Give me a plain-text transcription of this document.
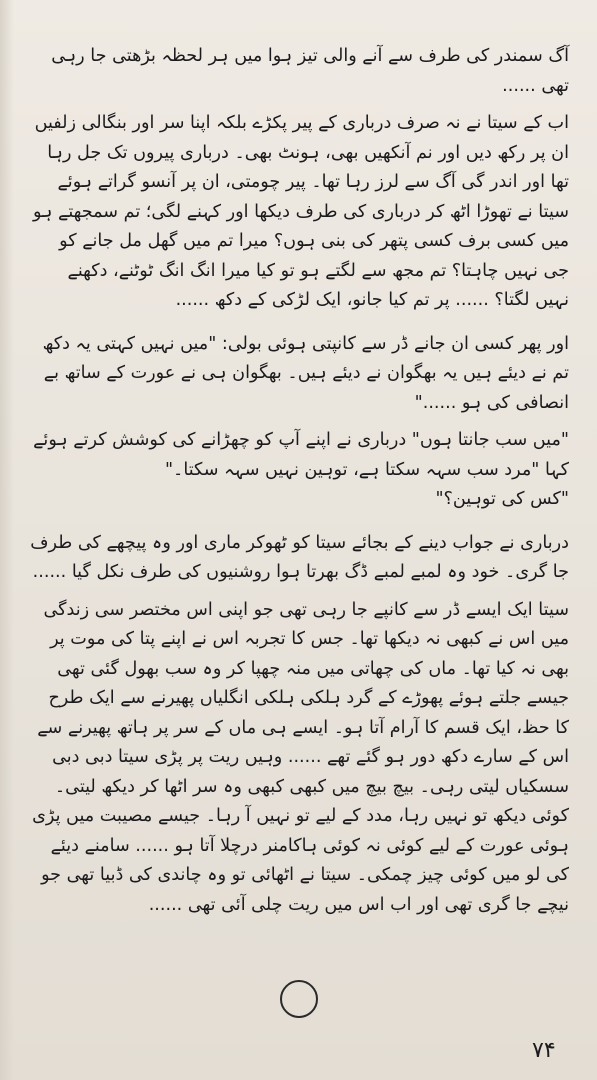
آگ سمندر کی طرف سے آنے والی تیز ہوا میں ہر لحظہ بڑھتی جا رہی تھی ......

اب کے سیتا نے نہ صرف درباری کے پیر پکڑے بلکہ اپنا سر اور بنگالی زلفیں ان پر رکھ دیں اور نم آنکھیں بھی، ہونٹ بھی۔ درباری پیروں تک جل رہا تھا اور اندر گی آگ سے لرز رہا تھا۔ پیر چومتی، ان پر آنسو گراتے ہوئے سیتا نے تھوڑا اٹھ کر درباری کی طرف دیکھا اور کہنے لگی؛ تم سمجھتے ہو میں کسی برف کسی پتھر کی بنی ہوں؟ میرا تم میں گھل مل جانے کو جی نہیں چاہتا؟ تم مجھ سے لگتے ہو تو کیا میرا انگ انگ ٹوٹنے، دکھنے نہیں لگتا؟ ...... پر تم کیا جانو، ایک لڑکی کے دکھ ......

اور پھر کسی ان جانے ڈر سے کانپتی ہوئی بولی: "میں نہیں کہتی یہ دکھ تم نے دیئے ہیں یہ بھگوان نے دیئے ہیں۔ بھگوان ہی نے عورت کے ساتھ بے انصافی کی ہو ......"

"میں سب جانتا ہوں" درباری نے اپنے آپ کو چھڑانے کی کوشش کرتے ہوئے کہا "مرد سب سہہ سکتا ہے، توہین نہیں سہہ سکتا۔"

"کس کی توہین؟"

درباری نے جواب دینے کے بجائے سیتا کو ٹھوکر ماری اور وہ پیچھے کی طرف جا گری۔ خود وہ لمبے لمبے ڈگ بھرتا ہوا روشنیوں کی طرف نکل گیا ......

سیتا ایک ایسے ڈر سے کانپے جا رہی تھی جو اپنی اس مختصر سی زندگی میں اس نے کبھی نہ دیکھا تھا۔ جس کا تجربہ اس نے اپنے پتا کی موت پر بھی نہ کیا تھا۔ ماں کی چھاتی میں منہ چھپا کر وہ سب بھول گئی تھی جیسے جلتے ہوئے پھوڑے کے گرد ہلکی ہلکی انگلیاں پھیرنے سے ایک طرح کا حظ، ایک قسم کا آرام آتا ہو۔ ایسے ہی ماں کے سر پر ہاتھ پھیرنے سے اس کے سارے دکھ دور ہو گئے تھے ...... وہیں ریت پر پڑی سیتا دبی دبی سسکیاں لیتی رہی۔ بیچ بیچ میں کبھی کبھی وہ سر اٹھا کر دیکھ لیتی۔ کوئی دیکھ تو نہیں رہا، مدد کے لیے تو نہیں آ رہا۔ جیسے مصیبت میں پڑی ہوئی عورت کے لیے کوئی نہ کوئی ہاکامنر درچلا آتا ہو ...... سامنے دیئے کی لو میں کوئی چیز چمکی۔ سیتا نے اٹھائی تو وہ چاندی کی ڈبیا تھی جو نیچے جا گری تھی اور اب اس میں ریت چلی آئی تھی ......

۷۴
